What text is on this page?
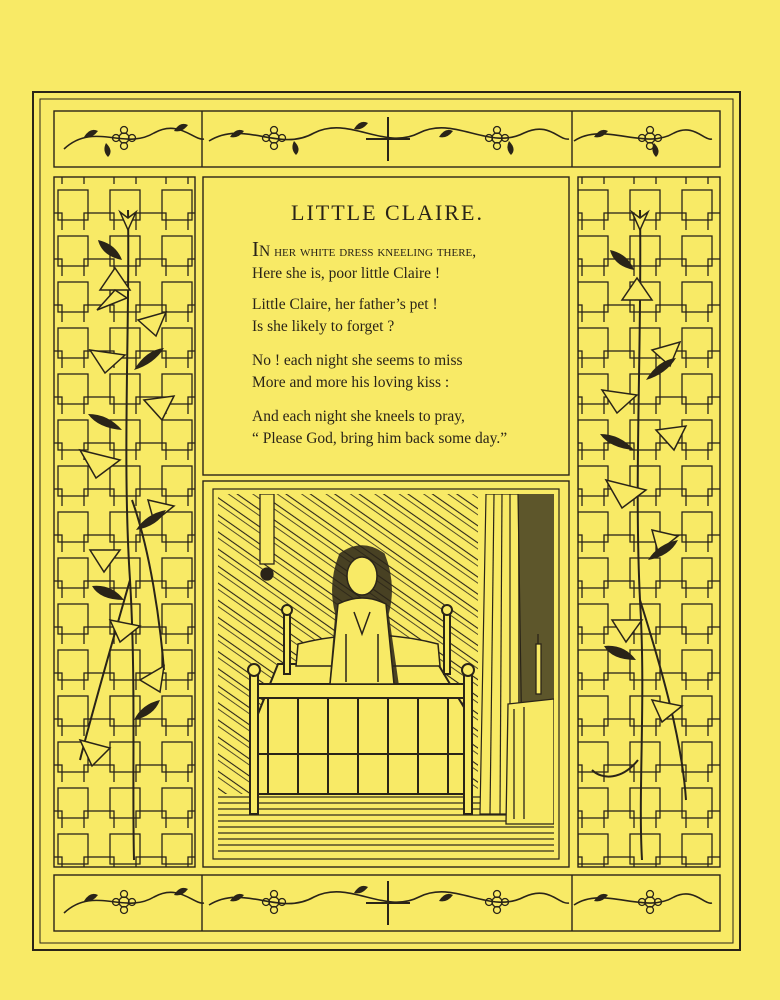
LITTLE CLAIRE.
IN her white dress kneeling there,
Here she is, poor little Claire !
Little Claire, her father’s pet !
Is she likely to forget ?
No ! each night she seems to miss
More and more his loving kiss :
And each night she kneels to pray,
“ Please God, bring him back some day.”
